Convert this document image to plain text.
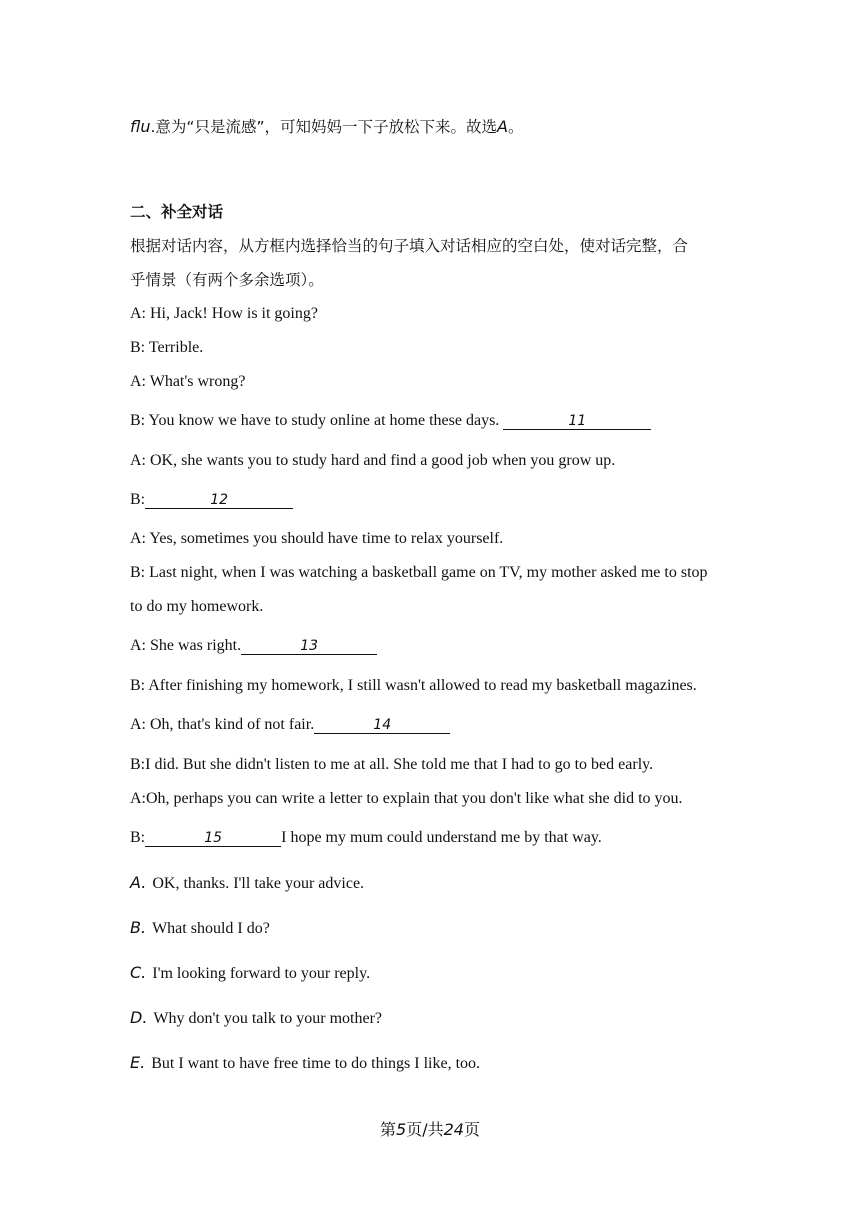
flu.意为“只是流感”，可知妈妈一下子放松下来。故选A。
二、补全对话
根据对话内容，从方框内选择恰当的句子填入对话相应的空白处，使对话完整，合
乎情景（有两个多余选项）。
A: Hi, Jack! How is it going?
B: Terrible.
A: What's wrong?
B: You know we have to study online at home these days.	11
A: OK, she wants you to study hard and find a good job when you grow up.
B:	12
A: Yes, sometimes you should have time to relax yourself.
B: Last night, when I was watching a basketball game on TV, my mother asked me to stop
to do my homework.
A: She was right.	13
B: After finishing my homework, I still wasn't allowed to read my basketball magazines.
A: Oh, that's kind of not fair.	14
B:I did. But she didn't listen to me at all. She told me that I had to go to bed early.
A:Oh, perhaps you can write a letter to explain that you don't like what she did to you.
B:	15	I hope my mum could understand me by that way.
A. OK, thanks. I'll take your advice.
B. What should I do?
C. I'm looking forward to your reply.
D. Why don't you talk to your mother?
E. But I want to have free time to do things I like, too.
第5页/共24页
